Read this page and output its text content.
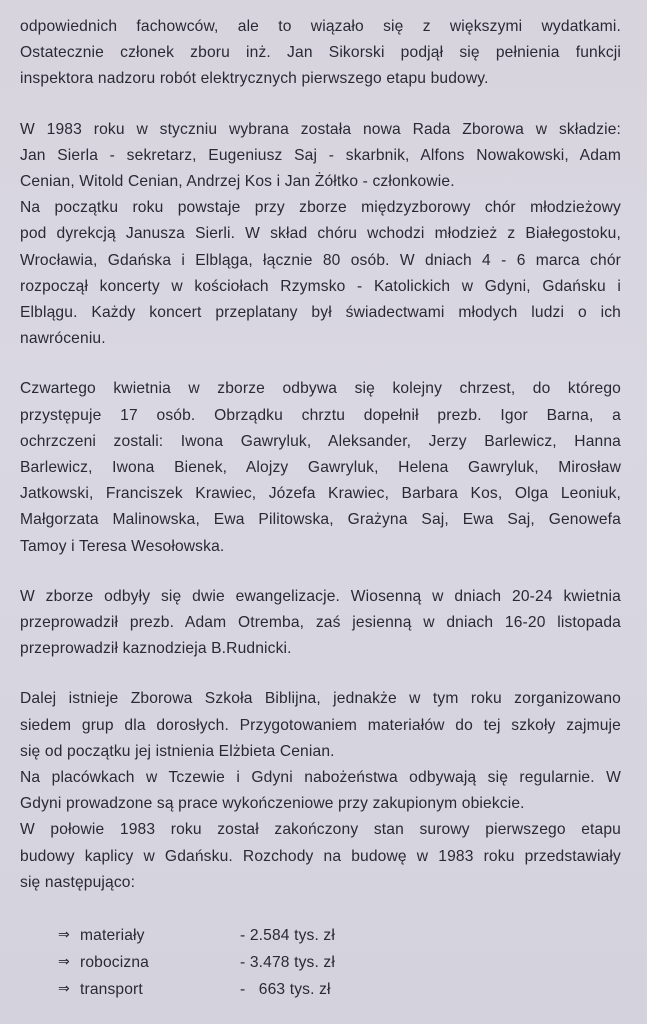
odpowiednich fachowców, ale to wiązało się z większymi wydatkami.
Ostatecznie członek zboru inż. Jan Sikorski podjął się pełnienia funkcji
inspektora nadzoru robót elektrycznych pierwszego etapu budowy.
W 1983 roku w styczniu wybrana została nowa Rada Zborowa w składzie:
Jan Sierla - sekretarz, Eugeniusz Saj - skarbnik, Alfons Nowakowski, Adam
Cenian, Witold Cenian, Andrzej Kos i Jan Żółtko - członkowie.
Na początku roku powstaje przy zborze międzyzborowy chór młodzieżowy
pod dyrekcją Janusza Sierli. W skład chóru wchodzi młodzież z Białegostoku,
Wrocławia, Gdańska i Elbląga, łącznie 80 osób. W dniach 4 - 6 marca chór
rozpoczął koncerty w kościołach Rzymsko - Katolickich w Gdyni, Gdańsku i
Elblągu. Każdy koncert przeplatany był świadectwami młodych ludzi o ich
nawróceniu.
Czwartego kwietnia w zborze odbywa się kolejny chrzest, do którego
przystępuje 17 osób. Obrządku chrztu dopełnił prezb. Igor Barna, a
ochrzczeni zostali: Iwona Gawryluk, Aleksander, Jerzy Barlewicz, Hanna
Barlewicz, Iwona Bienek, Alojzy Gawryluk, Helena Gawryluk, Mirosław
Jatkowski, Franciszek Krawiec, Józefa Krawiec, Barbara Kos, Olga Leoniuk,
Małgorzata Malinowska, Ewa Pilitowska, Grażyna Saj, Ewa Saj, Genowefa
Tamoy i Teresa Wesołowska.
W zborze odbyły się dwie ewangelizacje. Wiosenną w dniach 20-24 kwietnia
przeprowadził prezb. Adam Otremba, zaś jesienną w dniach 16-20 listopada
przeprowadził kaznodzieja B.Rudnicki.
Dalej istnieje Zborowa Szkoła Biblijna, jednakże w tym roku zorganizowano
siedem grup dla dorosłych. Przygotowaniem materiałów do tej szkoły zajmuje
się od początku jej istnienia Elżbieta Cenian.
Na placówkach w Tczewie i Gdyni nabożeństwa odbywają się regularnie. W
Gdyni prowadzone są prace wykończeniowe przy zakupionym obiekcie.
W połowie 1983 roku został zakończony stan surowy pierwszego etapu
budowy kaplicy w Gdańsku. Rozchody na budowę w 1983 roku przedstawiały
się następująco:
⇒ materiały	- 2.584 tys. zł
⇒ robocizna	- 3.478 tys. zł
⇒ transport	-   663 tys. zł
